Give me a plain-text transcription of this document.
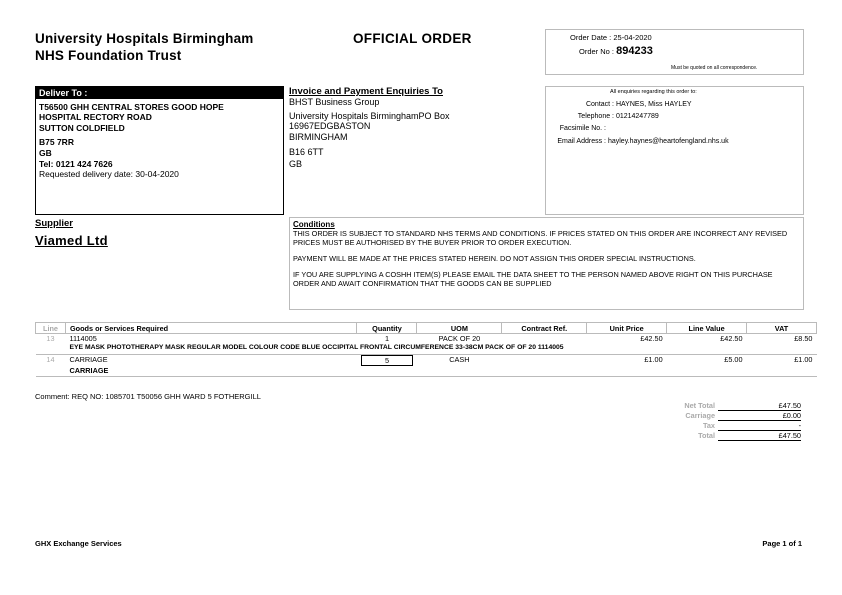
University Hospitals Birmingham
NHS Foundation Trust
OFFICIAL ORDER	Order Date : 25-04-2020
Order No : 894233
Must be quoted on all correspondence.
Deliver To :
T56500 GHH CENTRAL STORES GOOD HOPE
HOSPITAL RECTORY ROAD
SUTTON COLDFIELD
B75 7RR
GB
Tel: 0121 424 7626
Requested delivery date: 30-04-2020
Invoice and Payment Enquiries To
BHST Business Group
University Hospitals BirminghamPO Box
16967EDGBASTON
BIRMINGHAM
B16 6TT
GB
All enquiries regarding this order to:
Contact : HAYNES, Miss HAYLEY
Telephone : 01214247789
Facsimile No. :
Email Address : hayley.haynes@heartofengland.nhs.uk
Supplier
Viamed Ltd
Conditions

THIS ORDER IS SUBJECT TO STANDARD NHS TERMS AND CONDITIONS. IF PRICES STATED ON THIS ORDER ARE INCORRECT ANY REVISED PRICES MUST BE AUTHORISED BY THE BUYER PRIOR TO ORDER EXECUTION.

PAYMENT WILL BE MADE AT THE PRICES STATED HEREIN. DO NOT ASSIGN THIS ORDER SPECIAL INSTRUCTIONS.

IF YOU ARE SUPPLYING A COSHH ITEM(S) PLEASE EMAIL THE DATA SHEET TO THE PERSON NAMED ABOVE RIGHT ON THIS PURCHASE ORDER AND AWAIT CONFIRMATION THAT THE GOODS CAN BE SUPPLIED

Line	Goods or Services Required	Quantity	UOM	Contract Ref.	Unit Price	Line Value	VAT
13	1114005	1	PACK OF 20		£42.50	£42.50	£8.50
	EYE MASK PHOTOTHERAPY MASK REGULAR MODEL COLOUR CODE BLUE OCCIPITAL FRONTAL CIRCUMFERENCE 33-38CM PACK OF OF 20 1114005						
14	CARRIAGE	5	CASH		£1.00	£5.00	£1.00
	CARRIAGE						
Comment: REQ NO: 1085701 T50056 GHH WARD 5 FOTHERGILL
Net Total	£47.50
Carriage	£0.00
Tax	-
Total	£47.50
GHX Exchange Services	Page 1 of 1
